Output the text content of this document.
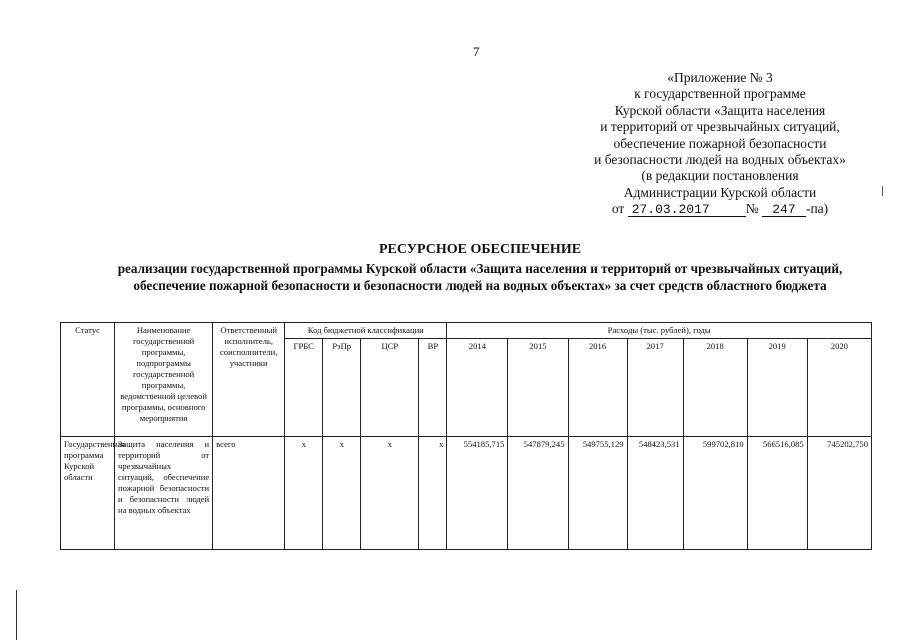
7
«Приложение № 3
к государственной программе
Курской области «Защита населения
и территорий от чрезвычайных ситуаций,
обеспечение пожарной безопасности
и безопасности людей на водных объектах»
(в редакции постановления
Администрации Курской области
от 27.03.2017	№ 247 -па)
РЕСУРСНОЕ ОБЕСПЕЧЕНИЕ
реализации государственной программы Курской области «Защита населения и территорий от чрезвычайных ситуаций, обеспечение пожарной безопасности и безопасности людей на водных объектах» за счет средств областного бюджета
Статус	Наименование государственной программы, подпрограммы государственной программы, ведомственной целевой программы, основного мероприятия	Ответственный исполнитель, соисполнители, участники	Код бюджетной классификации				Расходы (тыс. рублей), годы						
			ГРБС	РзПр	ЦСР	ВР	2014	2015	2016	2017	2018	2019	2020
Государственная программа Курской области	Защита населения и территорий от чрезвычайных ситуаций, обеспечение пожарной безопасности и безопасности людей на водных объектах	всего	x	x	x	x	554185,715	547879,245	549755,129	548423,531	599702,810	566516,085	745202,750
